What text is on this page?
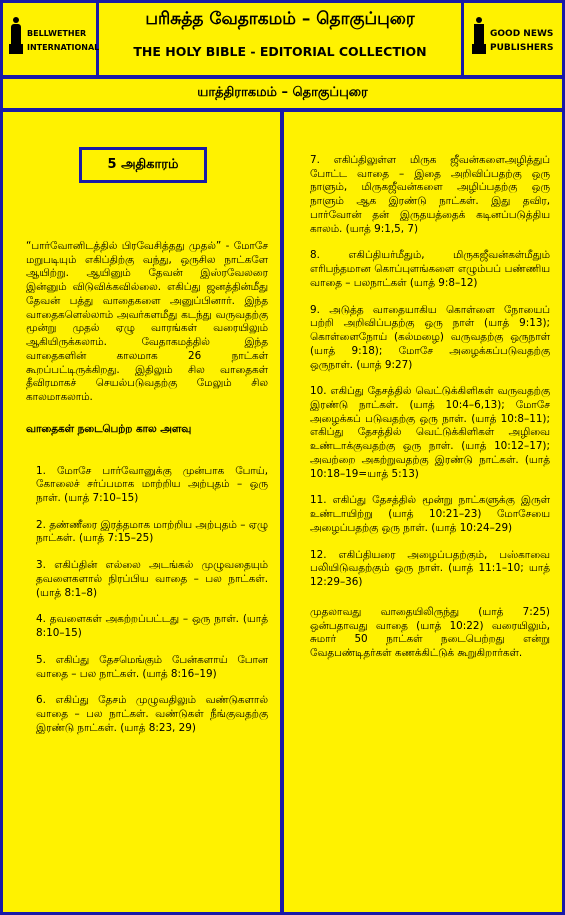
BELLWETHER
INTERNATIONAL
பரிசுத்த வேதாகமம் – தொகுப்புரை
THE HOLY BIBLE - EDITORIAL COLLECTION
GOOD NEWS
PUBLISHERS
யாத்திராகமம் – தொகுப்புரை
5 அதிகாரம்

“பார்வோனிடத்தில் பிரவேசித்தது முதல்” - மோசே மறுபடியும் எகிப்திற்கு வந்து, ஒருசில நாட்களே ஆயிற்று. ஆயினும் தேவன் இஸ்ரவேலரை இன்னும் விடுவிக்கவில்லை. எகிப்து ஜனத்தின்மீது தேவன் பத்து வாதைகளை அனுப்பினார். இந்த வாதைகளெல்லாம் அவர்களமீது கடந்து வருவதற்கு மூன்று முதல் ஏழு வாரங்கள் வரையிலும் ஆகியிருக்கலாம். வேதாகமத்தில் இந்த வாதைகளின் காலமாக 26 நாட்கள் கூறப்பட்டிருக்கிறது. இதிலும் சில வாதைகள் தீவிரமாகச் செயல்படுவதற்கு மேலும் சில காலமாகலாம்.

வாதைகள் நடைபெற்ற கால அளவு

1. மோசே பார்வோனுக்கு முன்பாக போய், கோலைச் சர்ப்பமாக மாற்றிய அற்புதம் – ஒரு நாள். (யாத் 7:10–15)

2. தண்ணீரை இரத்தமாக மாற்றிய அற்புதம் – ஏழு நாட்கள். (யாத் 7:15–25)

3. எகிப்தின் எல்லை அடங்கல் முழுவதையும் தவளைகளால் நிரப்பிய வாதை – பல நாட்கள். (யாத் 8:1–8)

4. தவளைகள் அகற்றப்பட்டது – ஒரு நாள். (யாத் 8:10–15)

5. எகிப்து தேசமெங்கும் பேன்களாய் போன வாதை – பல நாட்கள். (யாத் 8:16–19)

6. எகிப்து தேசம் முழுவதிலும் வண்டுகளால் வாதை – பல நாட்கள். வண்டுகள் நீங்குவதற்கு இரண்டு நாட்கள். (யாத் 8:23, 29)

7. எகிப்திலுள்ள மிருக ஜீவன்களைஅழித்துப் போட்ட வாதை – இதை அறிவிப்பதற்கு ஒரு நாளும், மிருகஜீவன்களை அழிப்பதற்கு ஒரு நாளும் ஆக இரண்டு நாட்கள். இது தவிர, பார்வோன் தன் இருதயத்தைக் கடினப்படுத்திய காலம். (யாத் 9:1,5, 7)

8. எகிப்தியர்மீதும், மிருகஜீவன்கள்மீதும் எரிபந்தமான கொப்புளங்களை எழும்பப் பண்ணிய வாதை – பலநாட்கள் (யாத் 9:8–12)

9. அடுத்த வாதையாகிய கொள்ளை நோயைப் பற்றி அறிவிப்பதற்கு ஒரு நாள் (யாத் 9:13); கொள்ளைநோய் (கல்மழை) வருவதற்கு ஒருநாள் (யாத் 9:18); மோசே அழைக்கப்படுவதற்கு ஒருநாள். (யாத் 9:27)

10. எகிப்து தேசத்தில் வெட்டுக்கிளிகள் வருவதற்கு இரண்டு நாட்கள். (யாத் 10:4–6,13); மோசே அழைக்கப் படுவதற்கு ஒரு நாள். (யாத் 10:8–11); எகிப்து தேசத்தில் வெட்டுக்கிளிகள் அழிவை உண்டாக்குவதற்கு ஒரு நாள். (யாத் 10:12–17); அவற்றை அகற்றுவதற்கு இரண்டு நாட்கள். (யாத் 10:18–19=யாத் 5:13)

11. எகிப்து தேசத்தில் மூன்று நாட்களுக்கு இருள் உண்டாயிற்று (யாத் 10:21–23) மோசேயை அழைப்பதற்கு ஒரு நாள். (யாத் 10:24–29)

12. எகிப்தியரை அழைப்பதற்கும், பஸ்காவை பலியிடுவதற்கும் ஒரு நாள். (யாத் 11:1–10; யாத் 12:29–36)

முதலாவது வாதையிலிருந்து (யாத் 7:25) ஒன்பதாவது வாதை (யாத் 10:22) வரையிலும், சுமார் 50 நாட்கள் நடைபெற்றது என்று வேதபண்டிதர்கள் கணக்கிட்டுக் கூறுகிறார்கள்.
